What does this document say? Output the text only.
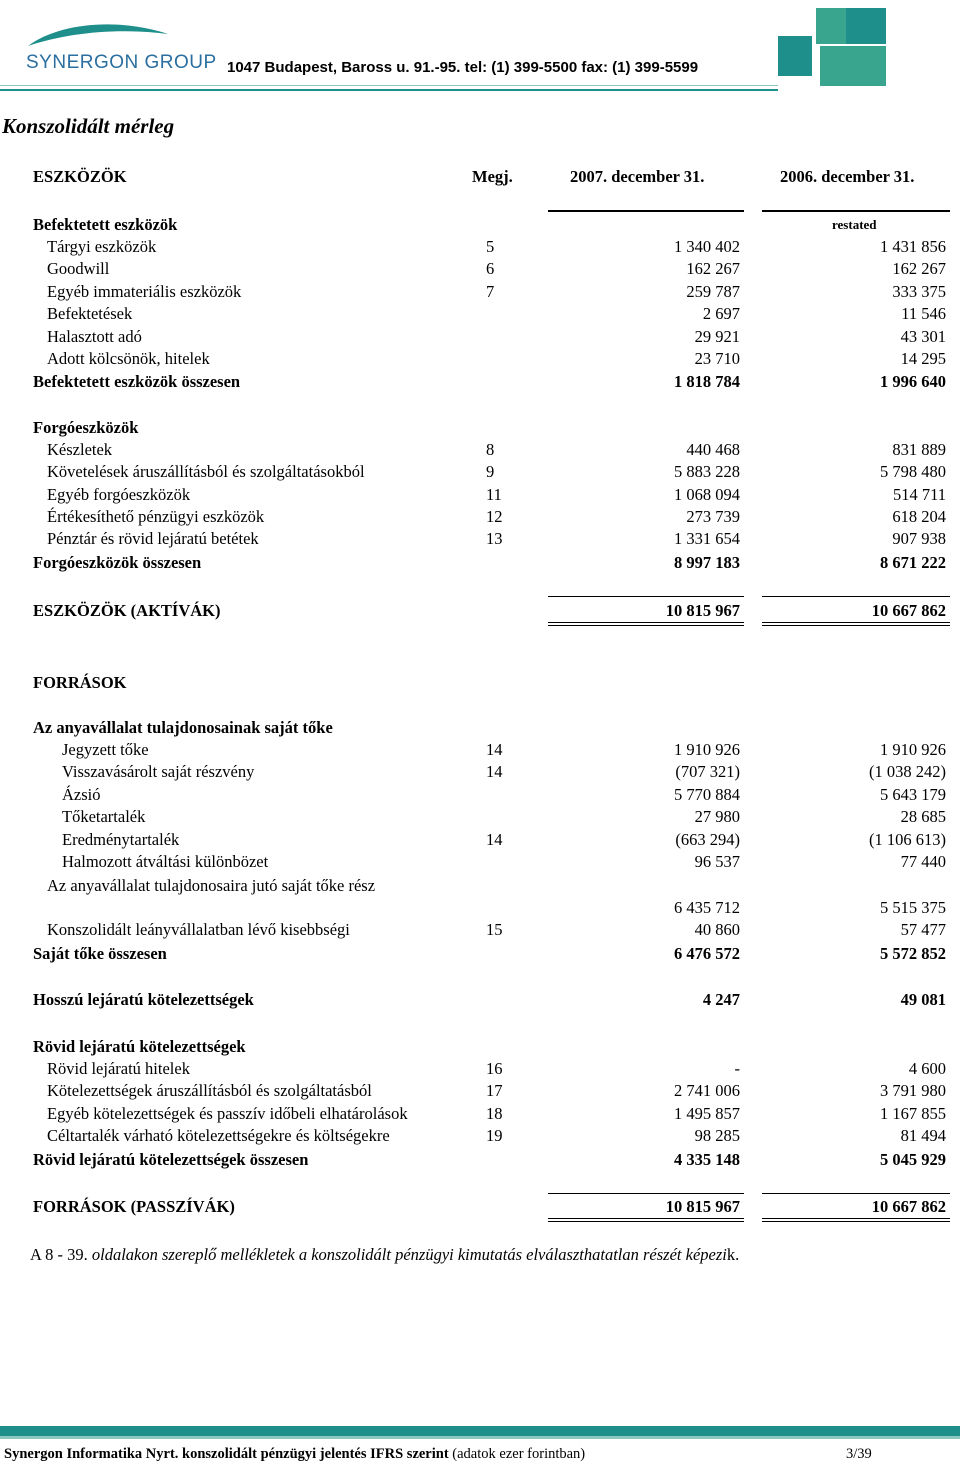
SYNERGON GROUP 1047 Budapest, Baross u. 91.-95. tel: (1) 399-5500 fax: (1) 399-5599
Konszolidált mérleg
ESZKÖZÖK	Megj.	2007. december 31.	2006. december 31.
Befektetett eszközök	restated
Tárgyi eszközök	5	1 340 402	1 431 856
Goodwill	6	162 267	162 267
Egyéb immateriális eszközök	7	259 787	333 375
Befektetések	2 697	11 546
Halasztott adó	29 921	43 301
Adott kölcsönök, hitelek	23 710	14 295
Befektetett eszközök összesen	1 818 784	1 996 640
Forgóeszközök
Készletek	8	440 468	831 889
Követelések áruszállításból és szolgáltatásokból	9	5 883 228	5 798 480
Egyéb forgóeszközök	11	1 068 094	514 711
Értékesíthető pénzügyi eszközök	12	273 739	618 204
Pénztár és rövid lejáratú betétek	13	1 331 654	907 938
Forgóeszközök összesen	8 997 183	8 671 222
ESZKÖZÖK (AKTÍVÁK)	10 815 967	10 667 862
FORRÁSOK
Az anyavállalat tulajdonosainak saját tőke
Jegyzett tőke	14	1 910 926	1 910 926
Visszavásárolt saját részvény	14	(707 321)	(1 038 242)
Ázsió	5 770 884	5 643 179
Tőketartalék	27 980	28 685
Eredménytartalék	14	(663 294)	(1 106 613)
Halmozott átváltási különbözet	96 537	77 440
Az anyavállalat tulajdonosaira jutó saját tőke rész
6 435 712	5 515 375
Konszolidált leányvállalatban lévő kisebbségi	15	40 860	57 477
Saját tőke összesen	6 476 572	5 572 852
Hosszú lejáratú kötelezettségek	4 247	49 081
Rövid lejáratú kötelezettségek
Rövid lejáratú hitelek	16	-	4 600
Kötelezettségek áruszállításból és szolgáltatásból	17	2 741 006	3 791 980
Egyéb kötelezettségek és passzív időbeli elhatárolások	18	1 495 857	1 167 855
Céltartalék várható kötelezettségekre és költségekre	19	98 285	81 494
Rövid lejáratú kötelezettségek összesen	4 335 148	5 045 929
FORRÁSOK (PASSZÍVÁK)	10 815 967	10 667 862
A 8 - 39. oldalakon szereplő mellékletek a konszolidált pénzügyi kimutatás elválaszthatatlan részét képezik.
Synergon Informatika Nyrt. konszolidált pénzügyi jelentés IFRS szerint (adatok ezer forintban)	3/39
